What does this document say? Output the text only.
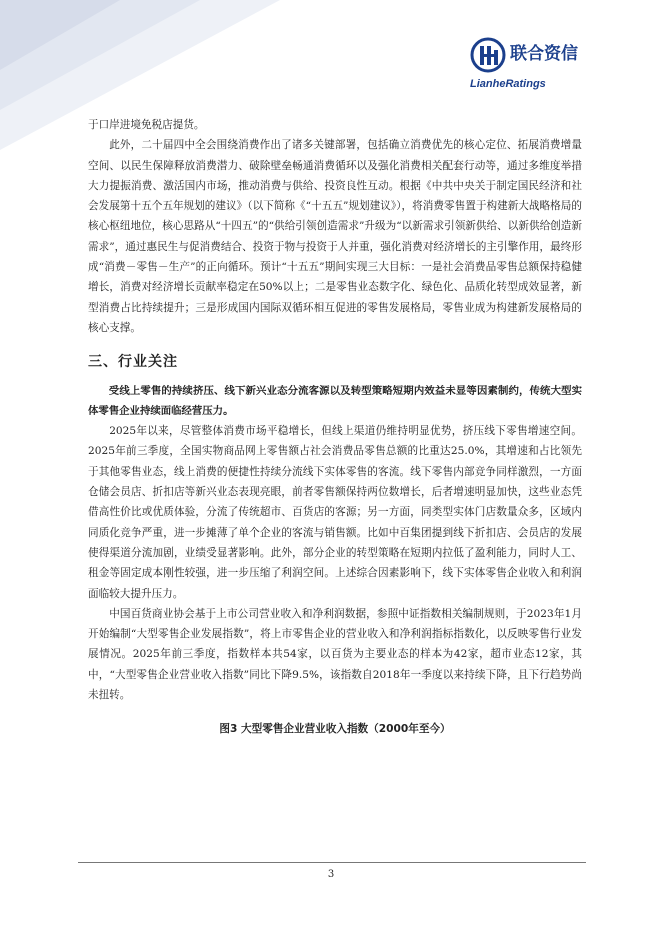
联合资信
LianheRatings

于口岸进境免税店提货。

此外，二十届四中全会围绕消费作出了诸多关键部署，包括确立消费优先的核心定位、拓展消费增量空间、以民生保障释放消费潜力、破除壁垒畅通消费循环以及强化消费相关配套行动等，通过多维度举措大力提振消费、激活国内市场，推动消费与供给、投资良性互动。根据《中共中央关于制定国民经济和社会发展第十五个五年规划的建议》（以下简称《“十五五”规划建议》），将消费零售置于构建新大战略格局的核心枢纽地位，核心思路从“十四五”的“供给引领创造需求”升级为“以新需求引领新供给、以新供给创造新需求”，通过惠民生与促消费结合、投资于物与投资于人并重，强化消费对经济增长的主引擎作用，最终形成“消费－零售－生产”的正向循环。预计“十五五”期间实现三大目标：一是社会消费品零售总额保持稳健增长，消费对经济增长贡献率稳定在50%以上；二是零售业态数字化、绿色化、品质化转型成效显著，新型消费占比持续提升；三是形成国内国际双循环相互促进的零售发展格局，零售业成为构建新发展格局的核心支撑。

三、行业关注

受线上零售的持续挤压、线下新兴业态分流客源以及转型策略短期内效益未显等因素制约，传统大型实体零售企业持续面临经营压力。

2025年以来，尽管整体消费市场平稳增长，但线上渠道仍维持明显优势，挤压线下零售增速空间。2025年前三季度，全国实物商品网上零售额占社会消费品零售总额的比重达25.0%，其增速和占比领先于其他零售业态，线上消费的便捷性持续分流线下实体零售的客流。线下零售内部竞争同样激烈，一方面仓储会员店、折扣店等新兴业态表现亮眼，前者零售额保持两位数增长，后者增速明显加快，这些业态凭借高性价比或优质体验，分流了传统超市、百货店的客源；另一方面，同类型实体门店数量众多，区域内同质化竞争严重，进一步摊薄了单个企业的客流与销售额。比如中百集团提到线下折扣店、会员店的发展使得渠道分流加剧，业绩受显著影响。此外，部分企业的转型策略在短期内拉低了盈利能力，同时人工、租金等固定成本刚性较强，进一步压缩了利润空间。上述综合因素影响下，线下实体零售企业收入和利润面临较大提升压力。

中国百货商业协会基于上市公司营业收入和净利润数据，参照中证指数相关编制规则，于2023年1月开始编制“大型零售企业发展指数”，将上市零售企业的营业收入和净利润指标指数化，以反映零售行业发展情况。2025年前三季度，指数样本共54家，以百货为主要业态的样本为42家，超市业态12家，其中，“大型零售企业营业收入指数”同比下降9.5%，该指数自2018年一季度以来持续下降，且下行趋势尚未扭转。

图3 大型零售企业营业收入指数（2000年至今）
3
